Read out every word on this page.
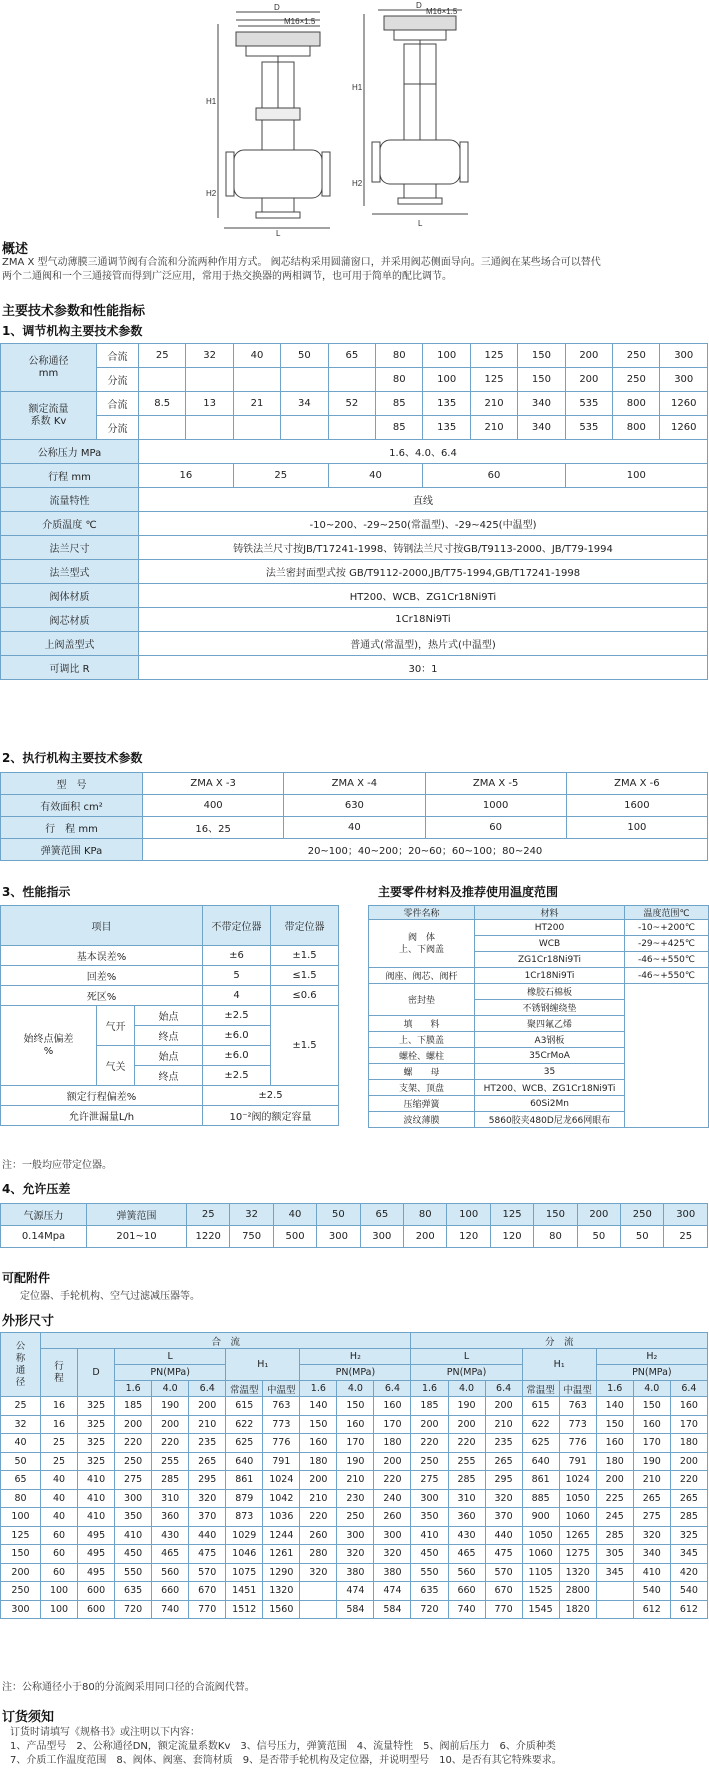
D
M16×1.5
H1
H2
L
D
M16×1.5
H1
H2
L
概述
ZMA X 型气动薄膜三通调节阀有合流和分流两种作用方式。 阀芯结构采用圆蒲窗口，并采用阀芯侧面导向。三通阀在某些场合可以替代
两个二通阀和一个三通接管而得到广泛应用，常用于热交换器的两相调节，也可用于简单的配比调节。
主要技术参数和性能指标
1、调节机构主要技术参数
公称通径
mm	合流	25	32	40	50	65	80	100	125	150	200	250	300
	分流						80	100	125	150	200	250	300
额定流量
系数 Kv	合流	8.5	13	21	34	52	85	135	210	340	535	800	1260
	分流						85	135	210	340	535	800	1260
公称压力 MPa		1.6、4.0、6.4											
行程 mm		16		25		40		60			100		
流量特性		直线											
介质温度 ℃		-10~200、-29~250(常温型)、-29~425(中温型)											
法兰尺寸		铸铁法兰尺寸按JB/T17241-1998、铸钢法兰尺寸按GB/T9113-2000、JB/T79-1994											
法兰型式		法兰密封面型式按 GB/T9112-2000,JB/T75-1994,GB/T17241-1998											
阀体材质		HT200、WCB、ZG1Cr18Ni9Ti											
阀芯材质		1Cr18Ni9Ti											
上阀盖型式		普通式(常温型)，热片式(中温型)											
可调比 R		30：1											
2、执行机构主要技术参数
型　号	ZMA X -3	ZMA X -4	ZMA X -5	ZMA X -6
有效面积 cm²	400	630	1000	1600
行　程 mm	16、25	40	60	100
弹簧范围 KPa	20~100；40~200；20~60；60~100；80~240			
3、性能指示
项目			不带定位器	带定位器
基本误差%			±6	±1.5
回差%			5	≤1.5
死区%			4	≤0.6
始终点偏差
%	气开	始点	±2.5	±1.5
		终点	±6.0	
	气关	始点	±6.0	
		终点	±2.5	
额定行程偏差%			±2.5	
允许泄漏量L/h			10⁻²阀的额定容量	
注：一般均应带定位器。
主要零件材料及推荐使用温度范围
零件名称	材料	温度范围℃
阀　体
上、下阀盖	HT200	-10~+200℃
	WCB	-29~+425℃
	ZG1Cr18Ni9Ti	-46~+550℃
阀座、阀芯、阀杆	1Cr18Ni9Ti	-46~+550℃
密封垫	橡胶石棉板	
	不锈钢缠绕垫	
填　　料	聚四氟乙烯	
上、下膜盖	A3钢板	
螺栓、螺柱	35CrMoA	
螺　　母	35	
支架、顶盘	HT200、WCB、ZG1Cr18Ni9Ti	
压缩弹簧	60Si2Mn	
波纹薄膜	5860胶夹480D尼龙66网眼布	
4、允许压差
气源压力	弹簧范围	25	32	40	50	65	80	100	125	150	200	250	300
0.14Mpa	201~10	1220	750	500	300	300	200	120	120	80	50	50	25
可配附件
定位器、手轮机构、空气过滤减压器等。
外形尺寸
公
称
通
径	合　流										分　流							
	行
程	D	L			H₁		H₂			L			H₁		H₂		
			PN(MPa)					PN(MPa)			PN(MPa)					PN(MPa)		
			1.6	4.0	6.4	常温型	中温型	1.6	4.0	6.4	1.6	4.0	6.4	常温型	中温型	1.6	4.0	6.4
25	16	325	185	190	200	615	763	140	150	160	185	190	200	615	763	140	150	160
32	16	325	200	200	210	622	773	150	160	170	200	200	210	622	773	150	160	170
40	25	325	220	220	235	625	776	160	170	180	220	220	235	625	776	160	170	180
50	25	325	250	255	265	640	791	180	190	200	250	255	265	640	791	180	190	200
65	40	410	275	285	295	861	1024	200	210	220	275	285	295	861	1024	200	210	220
80	40	410	300	310	320	879	1042	210	230	240	300	310	320	885	1050	225	265	265
100	40	410	350	360	370	873	1036	220	250	260	350	360	370	900	1060	245	275	285
125	60	495	410	430	440	1029	1244	260	300	300	410	430	440	1050	1265	285	320	325
150	60	495	450	465	475	1046	1261	280	320	320	450	465	475	1060	1275	305	340	345
200	60	495	550	560	570	1075	1290	320	380	380	550	560	570	1105	1320	345	410	420
250	100	600	635	660	670	1451	1320		474	474	635	660	670	1525	2800		540	540
300	100	600	720	740	770	1512	1560		584	584	720	740	770	1545	1820		612	612
注：公称通径小于80的分流阀采用同口径的合流阀代替。
订货须知
订货时请填写《规格书》或注明以下内容：
1、产品型号　2、公称通径DN，额定流量系数Kv　3、信号压力，弹簧范围　4、流量特性　5、阀前后压力　6、介质种类
7、介质工作温度范围　8、阀体、阀塞、套筒材质　9、是否带手轮机构及定位器，并说明型号　10、是否有其它特殊要求。
